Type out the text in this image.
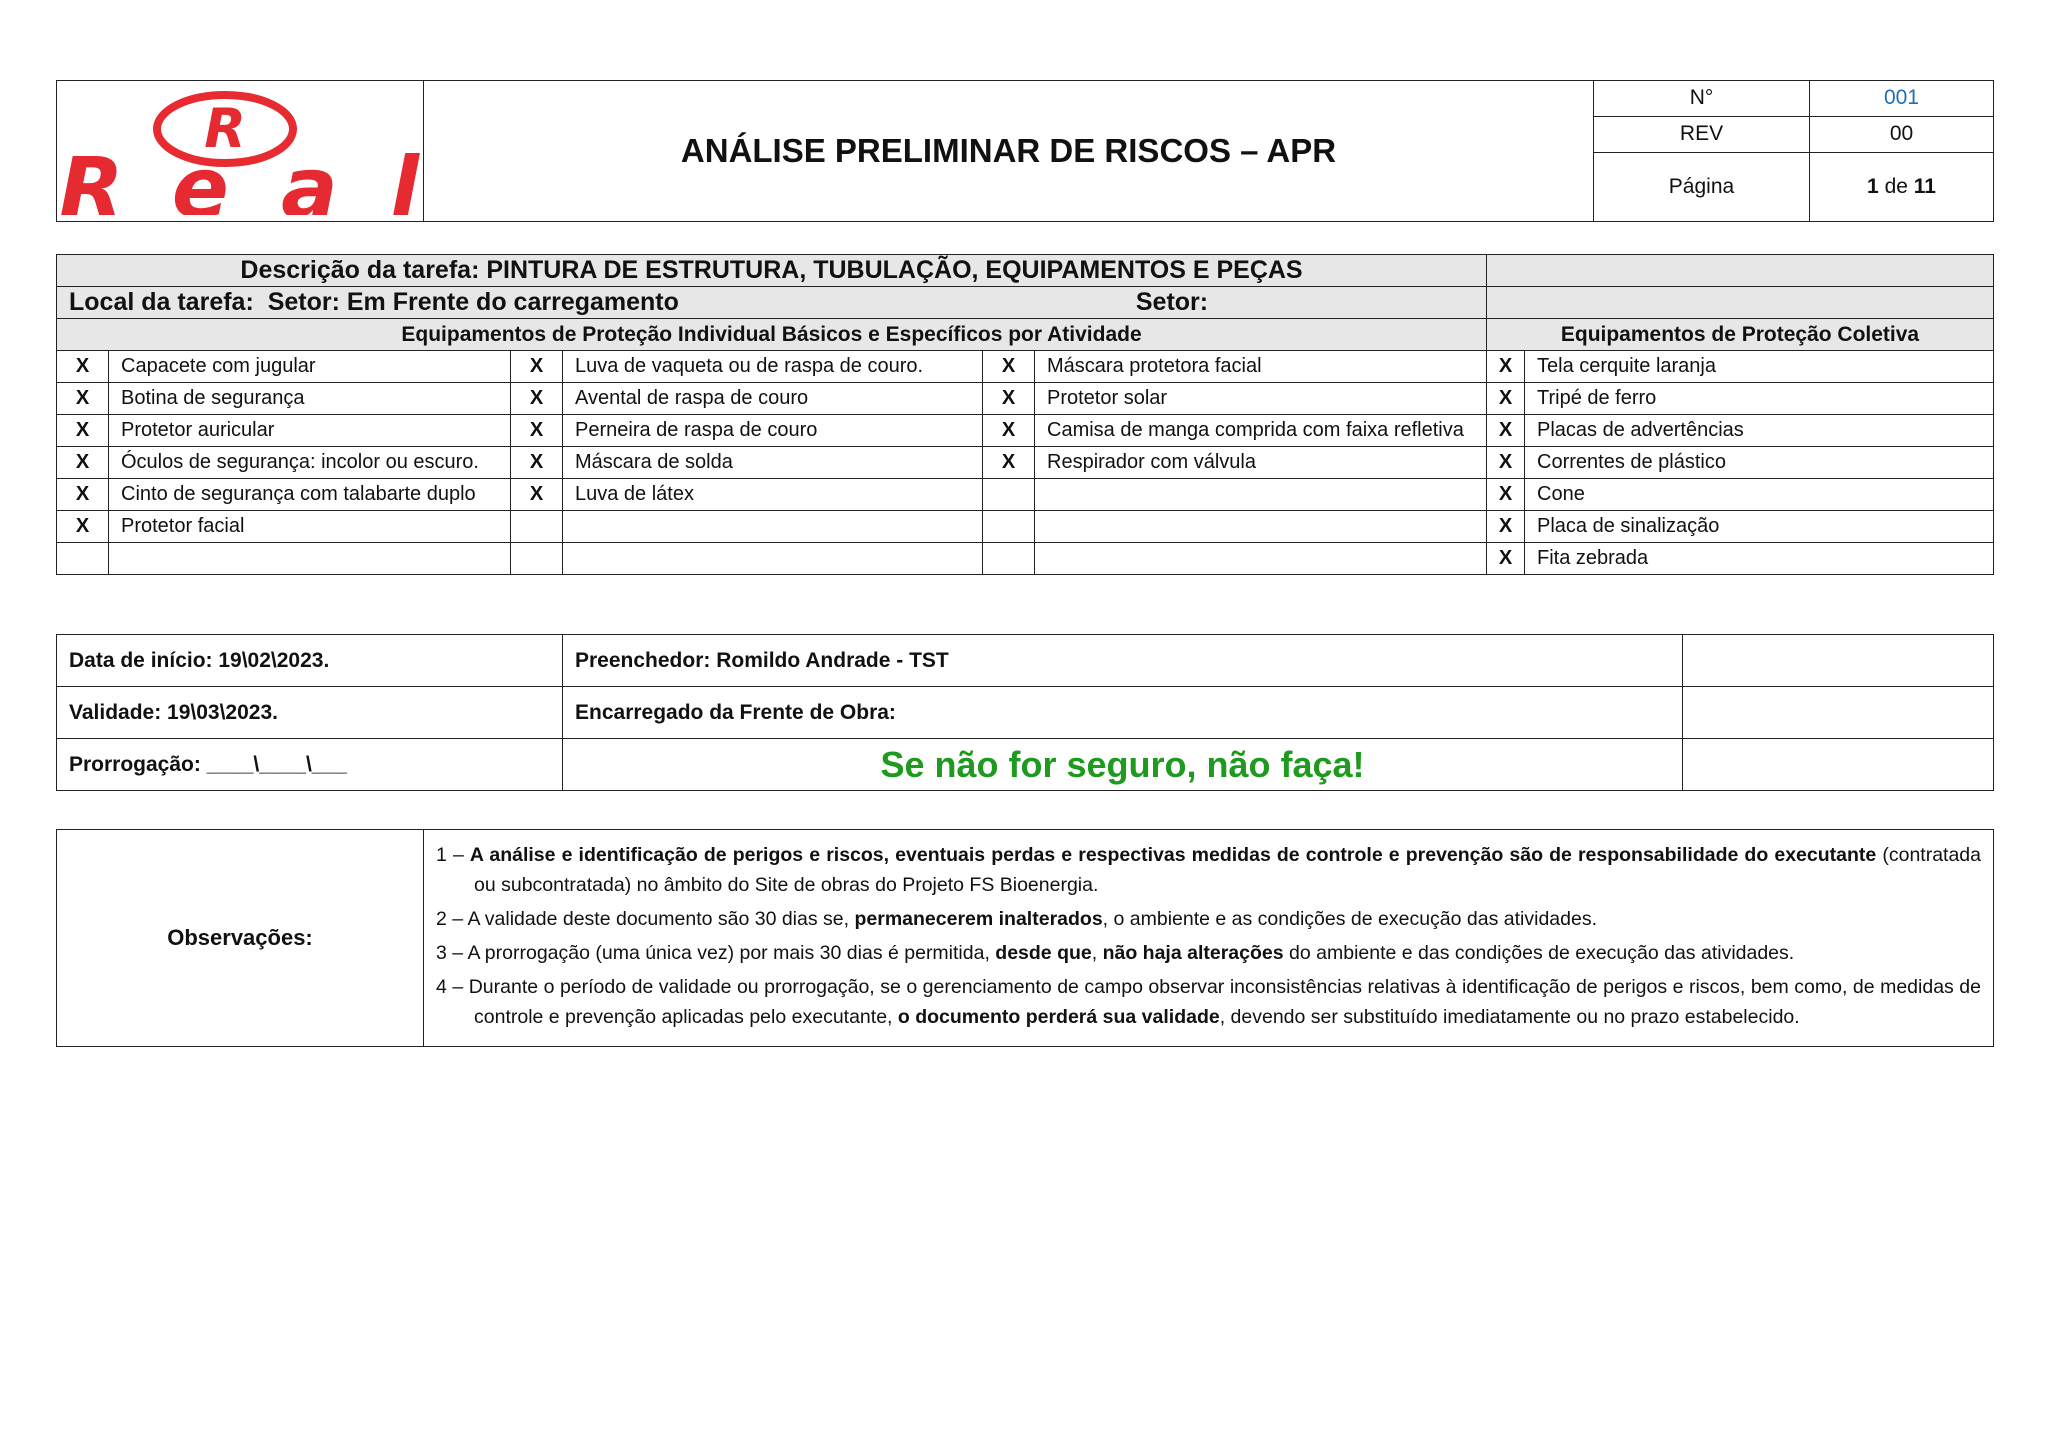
R
Real	ANÁLISE PRELIMINAR DE RISCOS – APR	N°	001
		REV	00
		Página	1 de 11
Descrição da tarefa: PINTURA DE ESTRUTURA, TUBULAÇÃO, EQUIPAMENTOS E PEÇAS							
Local da tarefa: Setor: Em Frente do carregamento Setor:							
Equipamentos de Proteção Individual Básicos e Específicos por Atividade						Equipamentos de Proteção Coletiva	
X	Capacete com jugular	X	Luva de vaqueta ou de raspa de couro.	X	Máscara protetora facial	X	Tela cerquite laranja
X	Botina de segurança	X	Avental de raspa de couro	X	Protetor solar	X	Tripé de ferro
X	Protetor auricular	X	Perneira de raspa de couro	X	Camisa de manga comprida com faixa refletiva	X	Placas de advertências
X	Óculos de segurança: incolor ou escuro.	X	Máscara de solda	X	Respirador com válvula	X	Correntes de plástico
X	Cinto de segurança com talabarte duplo	X	Luva de látex			X	Cone
X	Protetor facial					X	Placa de sinalização
						X	Fita zebrada
Data de início: 19\02\2023.	Preenchedor: Romildo Andrade - TST	
Validade: 19\03\2023.	Encarregado da Frente de Obra:	
Prorrogação: ____\____\___	Se não for seguro, não faça!	
Observações:	

1 – A análise e identificação de perigos e riscos, eventuais perdas e respectivas medidas de controle e prevenção são de responsabilidade do executante (contratada ou subcontratada) no âmbito do Site de obras do Projeto FS Bioenergia.

2 – A validade deste documento são 30 dias se, permanecerem inalterados, o ambiente e as condições de execução das atividades.

3 – A prorrogação (uma única vez) por mais 30 dias é permitida, desde que, não haja alterações do ambiente e das condições de execução das atividades.

4 – Durante o período de validade ou prorrogação, se o gerenciamento de campo observar inconsistências relativas à identificação de perigos e riscos, bem como, de medidas de controle e prevenção aplicadas pelo executante, o documento perderá sua validade, devendo ser substituído imediatamente ou no prazo estabelecido.
